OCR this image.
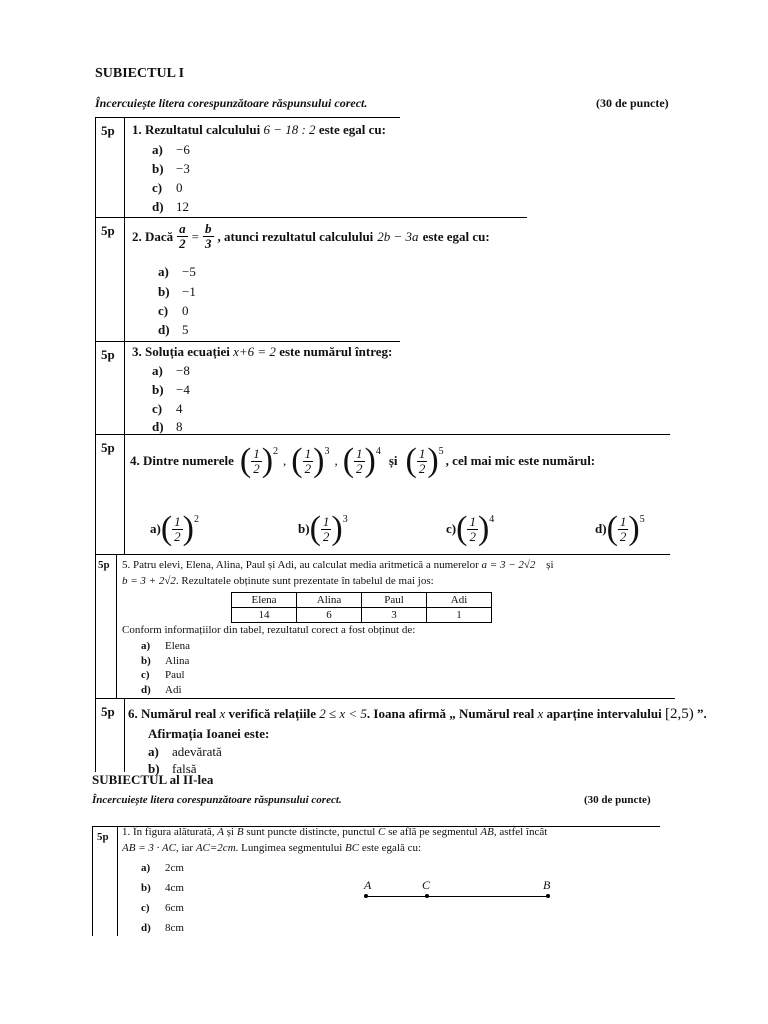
SUBIECTUL I
Încercuiește litera corespunzătoare răspunsului corect.	(30 de puncte)
5p 1. Rezultatul calculului 6 − 18 : 2 este egal cu:
a) −6
b) −3
c) 0
d) 12
5p 2. Dacă $\frac{a}{2} = \frac{b}{3}$ , atunci rezultatul calculului 2b − 3a este egal cu:
a) −5
b) −1
c) 0
d) 5
5p 3. Soluția ecuației x+6 = 2 este numărul întreg:
a) −8
b) −4
c) 4
d) 8
5p
4. Dintre numerele ( $\frac{1}{2} )^2$
, ( $\frac{1}{2} )^3$
, ( $\frac{1}{2} )^4$
și ( $\frac{1}{2} )^5$
, cel mai mic este numărul:
a) ( $\frac{1}{2} )^2$
b) ( $\frac{1}{2} )^3$
c) ( $\frac{1}{2} )^4$
d) ( $\frac{1}{2} )^5$
5p 5. Patru elevi, Elena, Alina, Paul și Adi, au calculat media aritmetică a numerelor a = 3 − 2√2 și
b = 3 + 2√2. Rezultatele obținute sunt prezentate în tabelul de mai jos:
Elena	Alina	Paul	Adi
14	6	3	1
Conform informațiilor din tabel, rezultatul corect a fost obținut de:
a) Elena
b) Alina
c) Paul
d) Adi
5p 6. Numărul real x verifică relațiile 2 ≤ x < 5. Ioana afirmă „ Numărul real x aparține intervalului [2,5) ”.
Afirmația Ioanei este:
a) adevărată
b) falsă
SUBIECTUL al II-lea
Încercuiește litera corespunzătoare răspunsului corect.	(30 de puncte)
5p 1. În figura alăturată, A și B sunt puncte distincte, punctul C se află pe segmentul AB, astfel încât
AB = 3 · AC, iar AC=2cm. Lungimea segmentului BC este egală cu:
a) 2cm
b) 4cm
c) 6cm
d) 8cm
A	C	B
